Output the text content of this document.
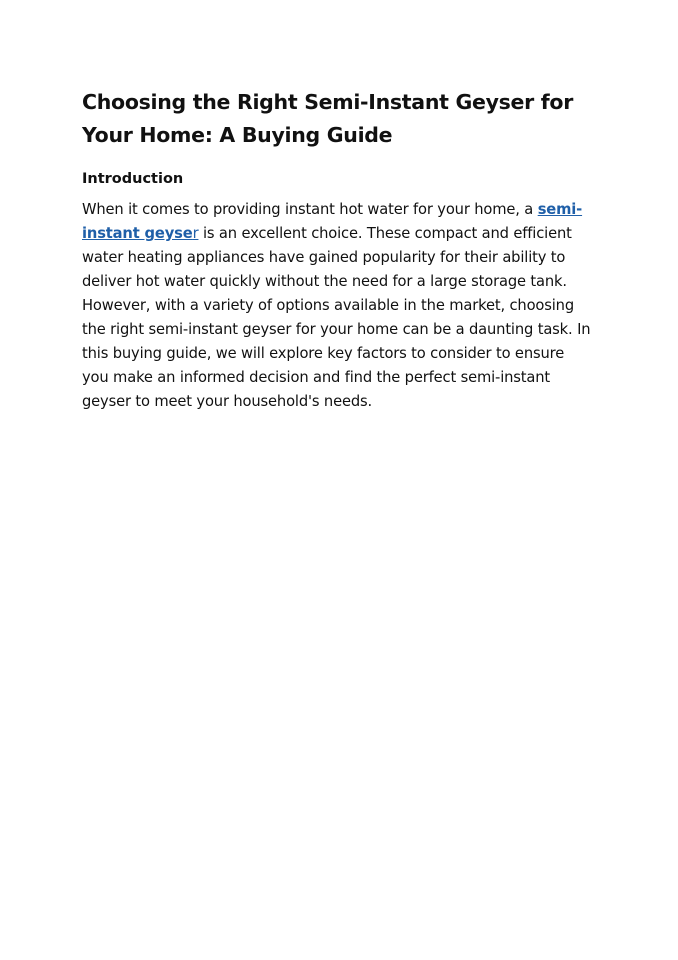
Choosing the Right Semi-Instant Geyser for Your Home: A Buying Guide
Introduction

When it comes to providing instant hot water for your home, a semi- instant geyser is an excellent choice. These compact and efficient water heating appliances have gained popularity for their ability to deliver hot water quickly without the need for a large storage tank.

However, with a variety of options available in the market, choosing the right semi-instant geyser for your home can be a daunting task. In this buying guide, we will explore key factors to consider to ensure you make an informed decision and find the perfect semi-instant geyser to meet your household's needs.
